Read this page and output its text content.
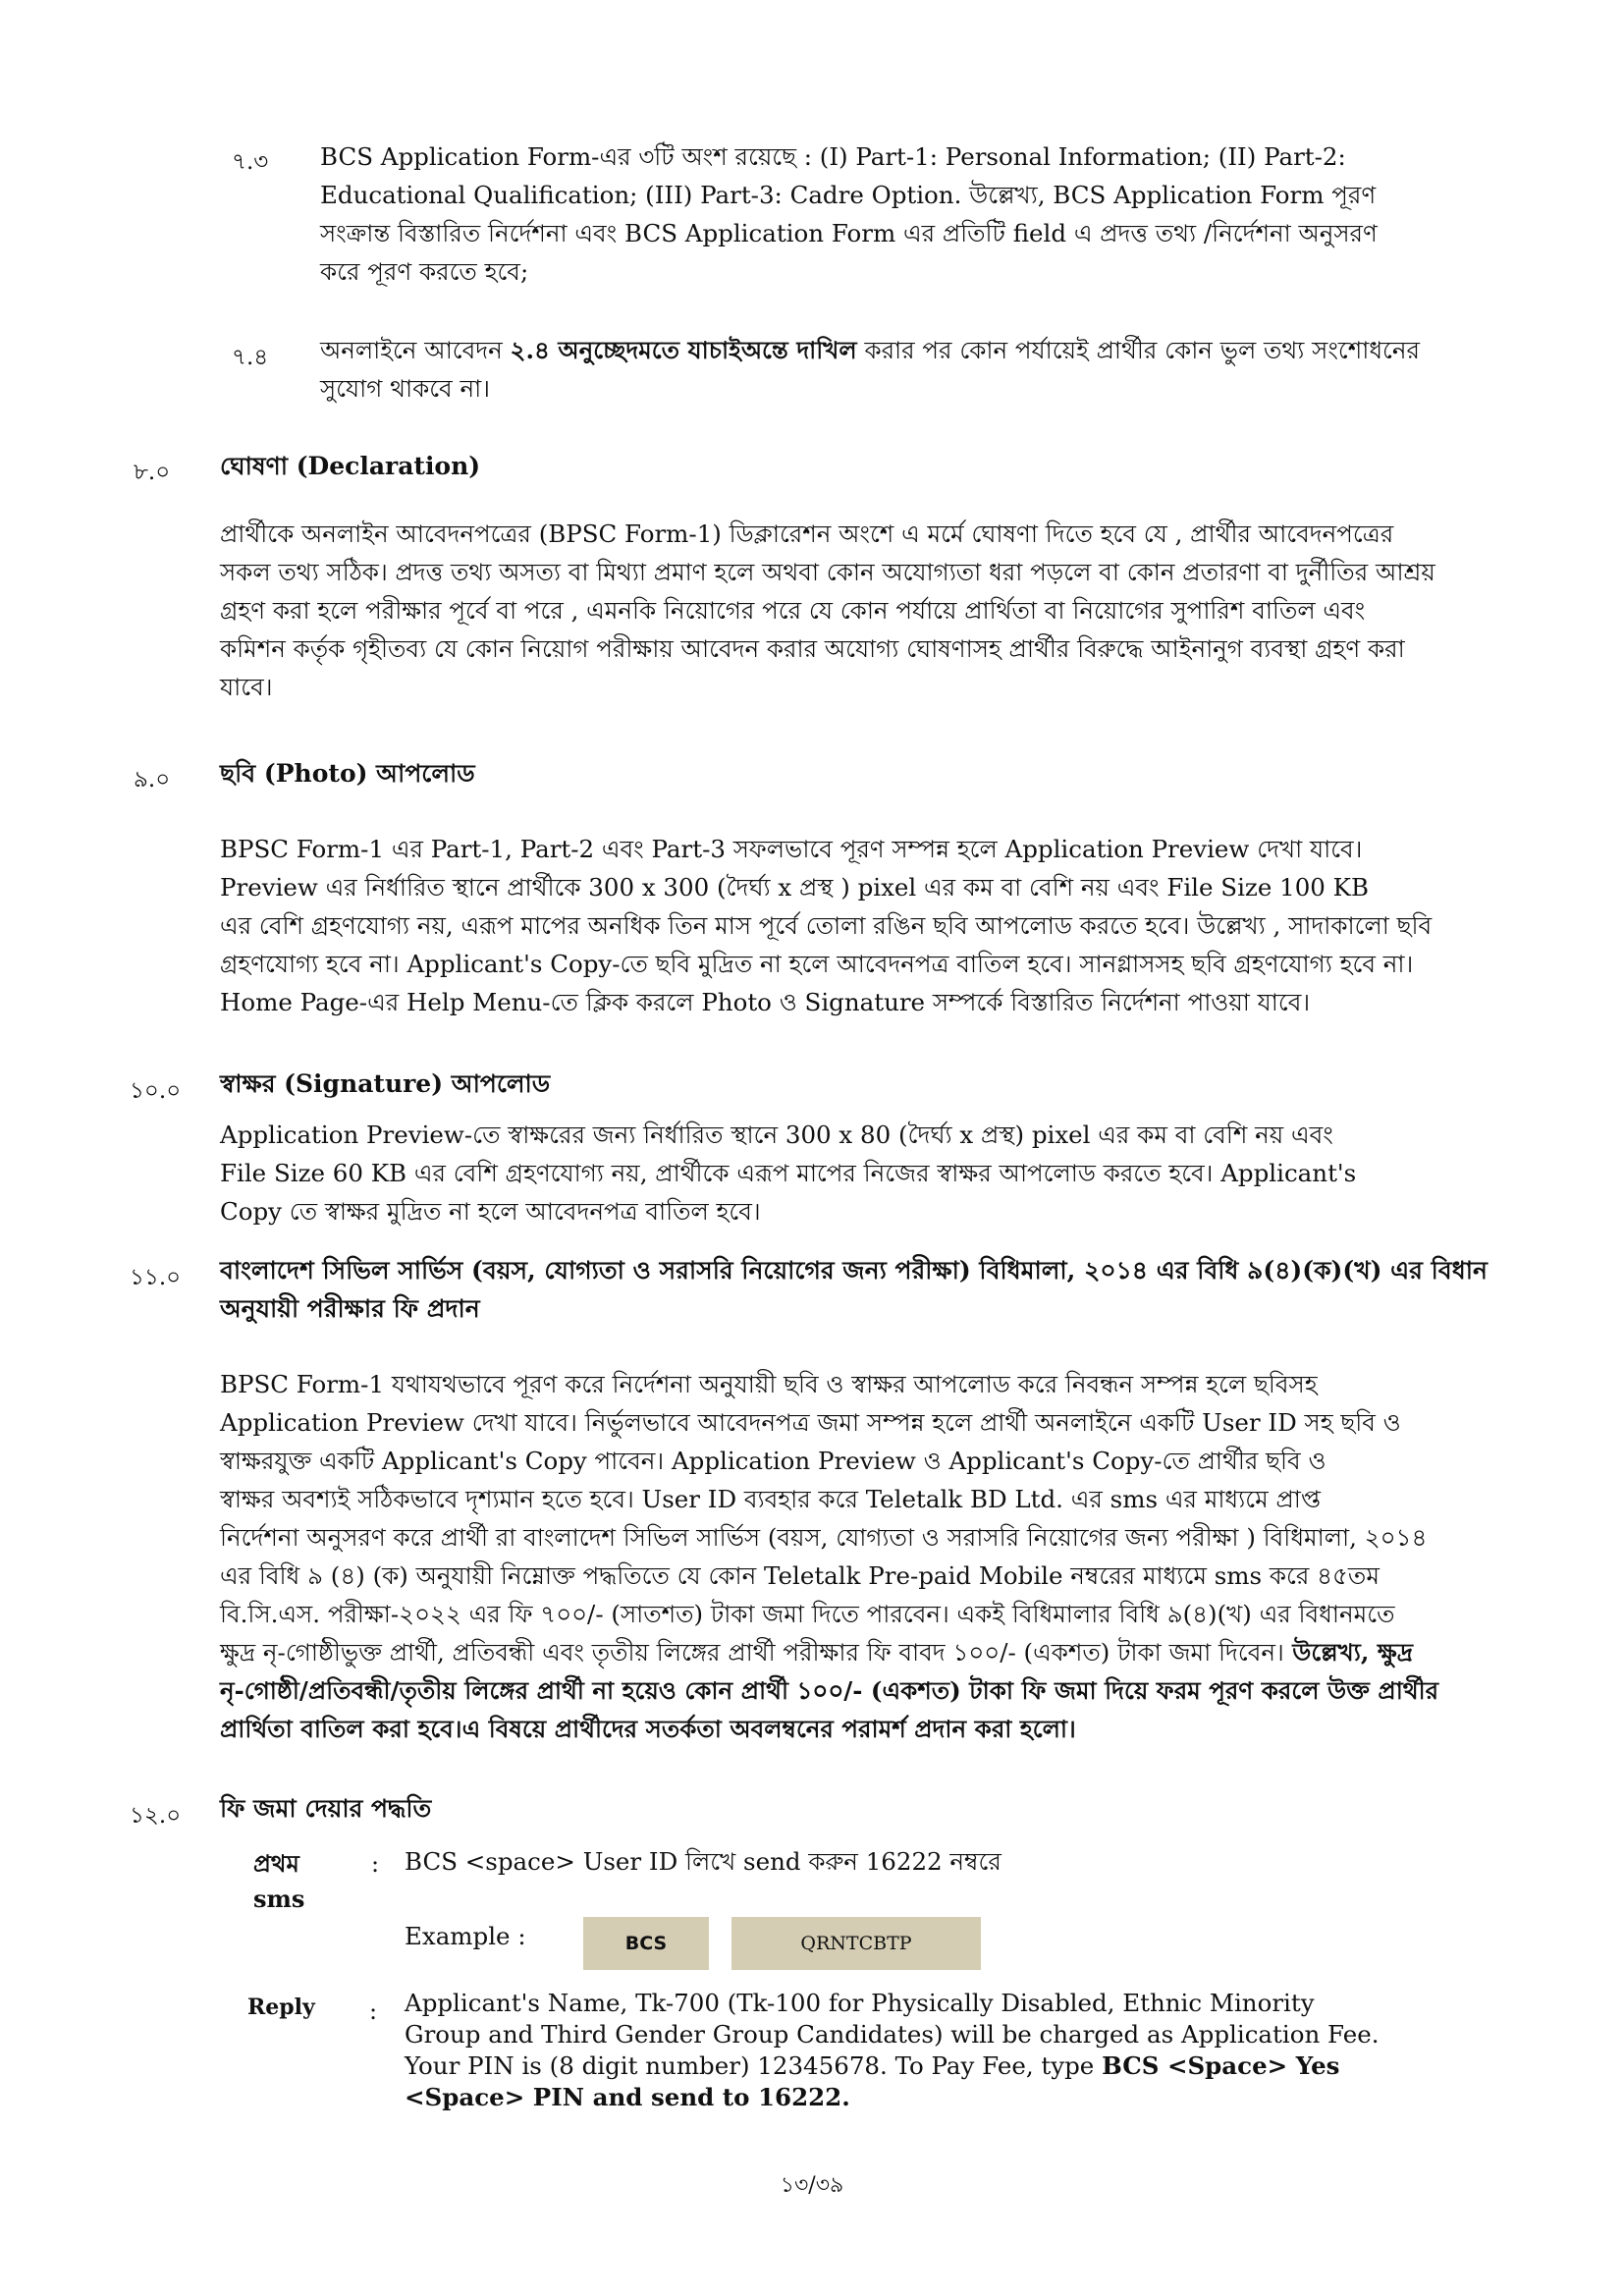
৭.৩ BCS Application Form-এর ৩টি অংশ রয়েছে : (I) Part-1: Personal Information; (II) Part-2:
Educational Qualification; (III) Part-3: Cadre Option. উল্লেখ্য, BCS Application Form পূরণ
সংক্রান্ত বিস্তারিত নির্দেশনা এবং BCS Application Form এর প্রতিটি field এ প্রদত্ত তথ্য /নির্দেশনা অনুসরণ
করে পূরণ করতে হবে;
৭.৪ অনলাইনে আবেদন ২.৪ অনুচ্ছেদমতে যাচাইঅন্তে দাখিল করার পর কোন পর্যায়েই প্রার্থীর কোন ভুল তথ্য সংশোধনের
সুযোগ থাকবে না।
৮.০ ঘোষণা (Declaration)
প্রার্থীকে অনলাইন আবেদনপত্রের (BPSC Form-1) ডিক্লারেশন অংশে এ মর্মে ঘোষণা দিতে হবে যে , প্রার্থীর আবেদনপত্রের
সকল তথ্য সঠিক। প্রদত্ত তথ্য অসত্য বা মিথ্যা প্রমাণ হলে অথবা কোন অযোগ্যতা ধরা পড়লে বা কোন প্রতারণা বা দুর্নীতির আশ্রয়
গ্রহণ করা হলে পরীক্ষার পূর্বে বা পরে , এমনকি নিয়োগের পরে যে কোন পর্যায়ে প্রার্থিতা বা নিয়োগের সুপারিশ বাতিল এবং
কমিশন কর্তৃক গৃহীতব্য যে কোন নিয়োগ পরীক্ষায় আবেদন করার অযোগ্য ঘোষণাসহ প্রার্থীর বিরুদ্ধে আইনানুগ ব্যবস্থা গ্রহণ করা
যাবে।
৯.০ ছবি (Photo) আপলোড
BPSC Form-1 এর Part-1, Part-2 এবং Part-3 সফলভাবে পূরণ সম্পন্ন হলে Application Preview দেখা যাবে।
Preview এর নির্ধারিত স্থানে প্রার্থীকে 300 x 300 (দৈর্ঘ্য x প্রস্থ ) pixel এর কম বা বেশি নয় এবং File Size 100 KB
এর বেশি গ্রহণযোগ্য নয়, এরূপ মাপের অনধিক তিন মাস পূর্বে তোলা রঙিন ছবি আপলোড করতে হবে। উল্লেখ্য , সাদাকালো ছবি
গ্রহণযোগ্য হবে না। Applicant's Copy-তে ছবি মুদ্রিত না হলে আবেদনপত্র বাতিল হবে। সানগ্লাসসহ ছবি গ্রহণযোগ্য হবে না।
Home Page-এর Help Menu-তে ক্লিক করলে Photo ও Signature সম্পর্কে বিস্তারিত নির্দেশনা পাওয়া যাবে।
১০.০ স্বাক্ষর (Signature) আপলোড
Application Preview-তে স্বাক্ষরের জন্য নির্ধারিত স্থানে 300 x 80 (দৈর্ঘ্য x প্রস্থ) pixel এর কম বা বেশি নয় এবং
File Size 60 KB এর বেশি গ্রহণযোগ্য নয়, প্রার্থীকে এরূপ মাপের নিজের স্বাক্ষর আপলোড করতে হবে। Applicant's
Copy তে স্বাক্ষর মুদ্রিত না হলে আবেদনপত্র বাতিল হবে।
১১.০ বাংলাদেশ সিভিল সার্ভিস (বয়স, যোগ্যতা ও সরাসরি নিয়োগের জন্য পরীক্ষা) বিধিমালা, ২০১৪ এর বিধি ৯(৪)(ক)(খ) এর বিধান
অনুযায়ী পরীক্ষার ফি প্রদান
BPSC Form-1 যথাযথভাবে পূরণ করে নির্দেশনা অনুযায়ী ছবি ও স্বাক্ষর আপলোড করে নিবন্ধন সম্পন্ন হলে ছবিসহ
Application Preview দেখা যাবে। নির্ভুলভাবে আবেদনপত্র জমা সম্পন্ন হলে প্রার্থী অনলাইনে একটি User ID সহ ছবি ও
স্বাক্ষরযুক্ত একটি Applicant's Copy পাবেন। Application Preview ও Applicant's Copy-তে প্রার্থীর ছবি ও
স্বাক্ষর অবশ্যই সঠিকভাবে দৃশ্যমান হতে হবে। User ID ব্যবহার করে Teletalk BD Ltd. এর sms এর মাধ্যমে প্রাপ্ত
নির্দেশনা অনুসরণ করে প্রার্থী রা বাংলাদেশ সিভিল সার্ভিস (বয়স, যোগ্যতা ও সরাসরি নিয়োগের জন্য পরীক্ষা ) বিধিমালা, ২০১৪
এর বিধি ৯ (৪) (ক) অনুযায়ী নিম্নোক্ত পদ্ধতিতে যে কোন Teletalk Pre-paid Mobile নম্বরের মাধ্যমে sms করে ৪৫তম
বি.সি.এস. পরীক্ষা-২০২২ এর ফি ৭০০/- (সাতশত) টাকা জমা দিতে পারবেন। একই বিধিমালার বিধি ৯(৪)(খ) এর বিধানমতে
ক্ষুদ্র নৃ-গোষ্ঠীভুক্ত প্রার্থী, প্রতিবন্ধী এবং তৃতীয় লিঙ্গের প্রার্থী পরীক্ষার ফি বাবদ ১০০/- (একশত) টাকা জমা দিবেন। উল্লেখ্য, ক্ষুদ্র
নৃ-গোষ্ঠী/প্রতিবন্ধী/তৃতীয় লিঙ্গের প্রার্থী না হয়েও কোন প্রার্থী ১০০/- (একশত) টাকা ফি জমা দিয়ে ফরম পূরণ করলে উক্ত প্রার্থীর
প্রার্থিতা বাতিল করা হবে।এ বিষয়ে প্রার্থীদের সতর্কতা অবলম্বনের পরামর্শ প্রদান করা হলো।
১২.০ ফি জমা দেয়ার পদ্ধতি
প্রথম
sms
: BCS <space> User ID লিখে send করুন 16222 নম্বরে
Example :	BCS	QRNTCBTP
Reply : Applicant's Name, Tk-700 (Tk-100 for Physically Disabled, Ethnic Minority
Group and Third Gender Group Candidates) will be charged as Application Fee.
Your PIN is (8 digit number) 12345678. To Pay Fee, type BCS <Space> Yes
<Space> PIN and send to 16222.
১৩/৩৯
